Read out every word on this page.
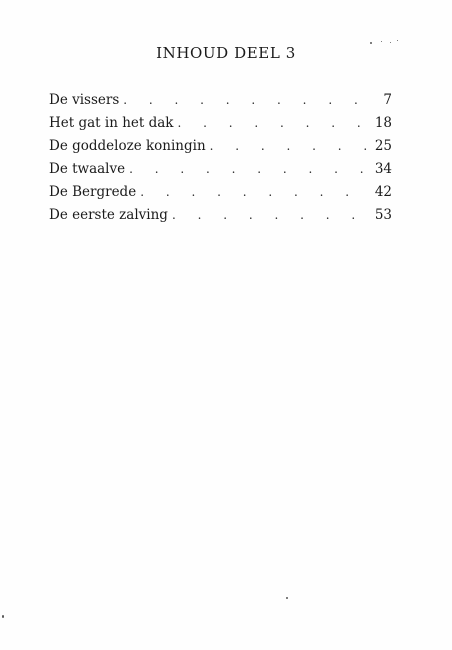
INHOUD DEEL 3
De vissers . . .	7
Het gat in het dak . . .	18
De goddeloze koningin . . .	25
De twaalve . . .	34
De Bergrede . . .	42
De eerste zalving . . .	53
